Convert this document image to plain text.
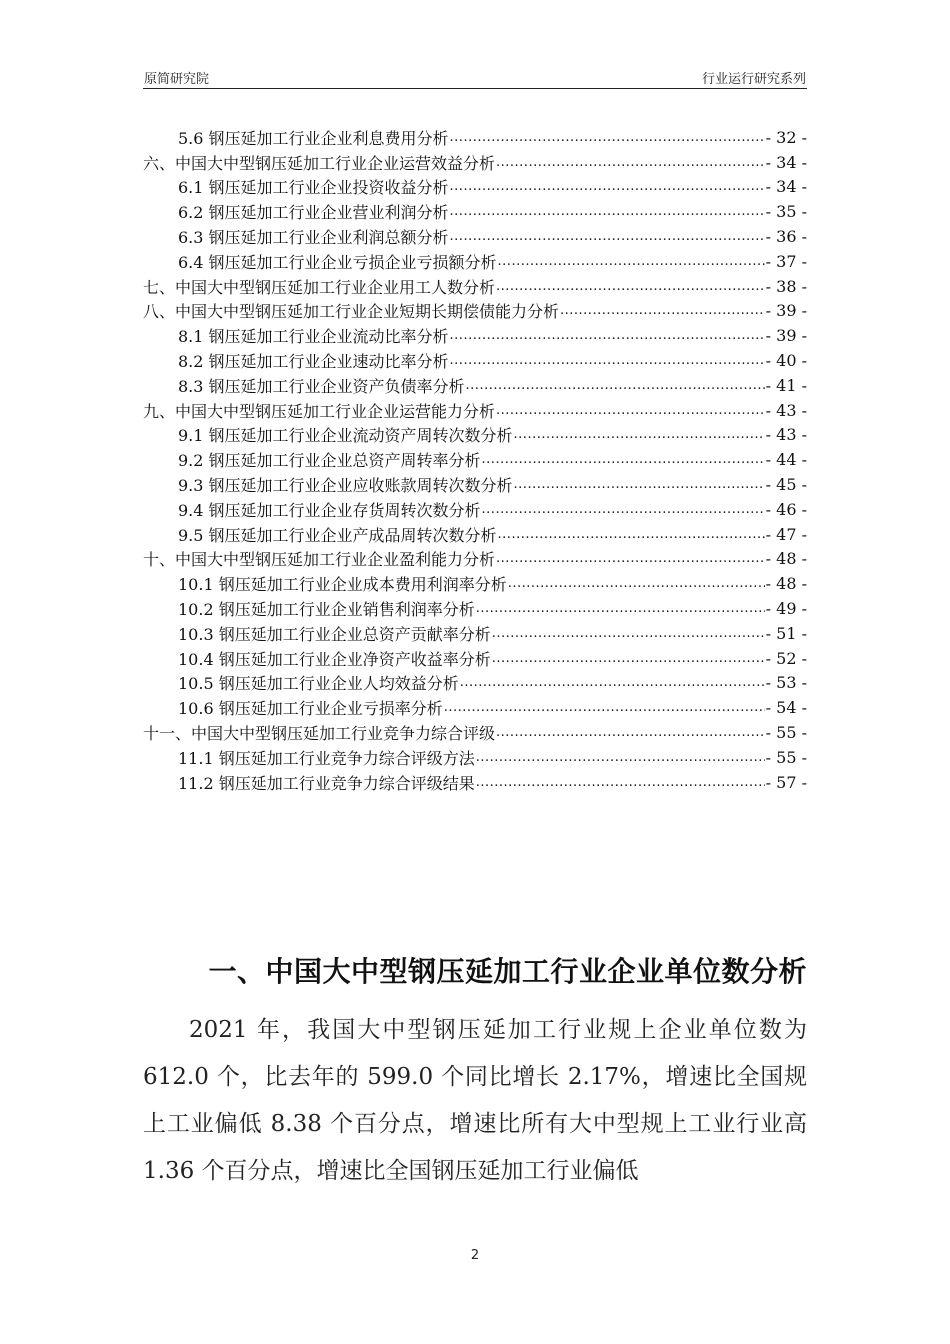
原简研究院	行业运行研究系列
5.6 钢压延加工行业企业利息费用分析 .....	- 32 -
六、中国大中型钢压延加工行业企业运营效益分析 .....	- 34 -
6.1 钢压延加工行业企业投资收益分析 .....	- 34 -
6.2 钢压延加工行业企业营业利润分析 .....	- 35 -
6.3 钢压延加工行业企业利润总额分析 .....	- 36 -
6.4 钢压延加工行业企业亏损企业亏损额分析 .....	- 37 -
七、中国大中型钢压延加工行业企业用工人数分析 .....	- 38 -
八、中国大中型钢压延加工行业企业短期长期偿债能力分析 .....	- 39 -
8.1 钢压延加工行业企业流动比率分析 .....	- 39 -
8.2 钢压延加工行业企业速动比率分析 .....	- 40 -
8.3 钢压延加工行业企业资产负债率分析 .....	- 41 -
九、中国大中型钢压延加工行业企业运营能力分析 .....	- 43 -
9.1 钢压延加工行业企业流动资产周转次数分析 .....	- 43 -
9.2 钢压延加工行业企业总资产周转率分析 .....	- 44 -
9.3 钢压延加工行业企业应收账款周转次数分析 .....	- 45 -
9.4 钢压延加工行业企业存货周转次数分析 .....	- 46 -
9.5 钢压延加工行业企业产成品周转次数分析 .....	- 47 -
十、中国大中型钢压延加工行业企业盈利能力分析 .....	- 48 -
10.1 钢压延加工行业企业成本费用利润率分析 .....	- 48 -
10.2 钢压延加工行业企业销售利润率分析 .....	- 49 -
10.3 钢压延加工行业企业总资产贡献率分析 .....	- 51 -
10.4 钢压延加工行业企业净资产收益率分析 .....	- 52 -
10.5 钢压延加工行业企业人均效益分析 .....	- 53 -
10.6 钢压延加工行业企业亏损率分析 .....	- 54 -
十一、中国大中型钢压延加工行业竞争力综合评级 .....	- 55 -
11.1 钢压延加工行业竞争力综合评级方法 .....	- 55 -
11.2 钢压延加工行业竞争力综合评级结果 .....	- 57 -
一、中国大中型钢压延加工行业企业单位数分析

2021 年，我国大中型钢压延加工行业规上企业单位数为 612.0 个，比去年的 599.0 个同比增长 2.17%，增速比全国规上工业偏低 8.38 个百分点，增速比所有大中型规上工业行业高 1.36 个百分点，增速比全国钢压延加工行业偏低

2
